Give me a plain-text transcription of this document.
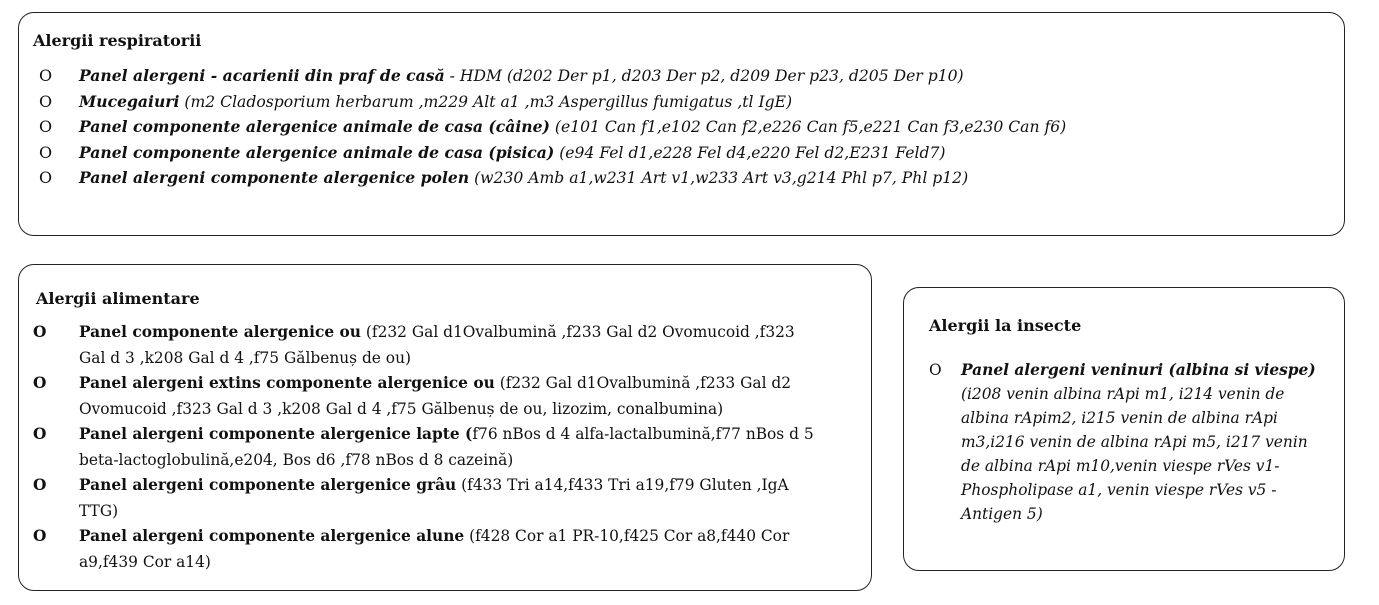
Alergii respiratorii
O Panel alergeni - acarienii din praf de casă - HDM (d202 Der p1, d203 Der p2, d209 Der p23, d205 Der p10)
O Mucegaiuri (m2 Cladosporium herbarum ,m229 Alt a1 ,m3 Aspergillus fumigatus ,tl IgE)
O Panel componente alergenice animale de casa (câine) (e101 Can f1,e102 Can f2,e226 Can f5,e221 Can f3,e230 Can f6)
O Panel componente alergenice animale de casa (pisica) (e94 Fel d1,e228 Fel d4,e220 Fel d2,E231 Feld7)
O Panel alergeni componente alergenice polen (w230 Amb a1,w231 Art v1,w233 Art v3,g214 Phl p7, Phl p12)
Alergii alimentare
O Panel componente alergenice ou (f232 Gal d1Ovalbumină ,f233 Gal d2 Ovomucoid ,f323 Gal d 3 ,k208 Gal d 4 ,f75 Gălbenuș de ou)
O Panel alergeni extins componente alergenice ou (f232 Gal d1Ovalbumină ,f233 Gal d2 Ovomucoid ,f323 Gal d 3 ,k208 Gal d 4 ,f75 Gălbenuș de ou, lizozim, conalbumina)
O Panel alergeni componente alergenice lapte (f76 nBos d 4 alfa-lactalbumină,f77 nBos d 5 beta-lactoglobulină,e204, Bos d6 ,f78 nBos d 8 cazeină)
O Panel alergeni componente alergenice grâu (f433 Tri a14,f433 Tri a19,f79 Gluten ,IgA TTG)
O Panel alergeni componente alergenice alune (f428 Cor a1 PR-10,f425 Cor a8,f440 Cor a9,f439 Cor a14)
Alergii la insecte
O Panel alergeni veninuri (albina si viespe)
(i208 venin albina rApi m1, i214 venin de albina rApim2, i215 venin de albina rApi m3,i216 venin de albina rApi m5, i217 venin de albina rApi m10,venin viespe rVes v1-Phospholipase a1, venin viespe rVes v5 -Antigen 5)
